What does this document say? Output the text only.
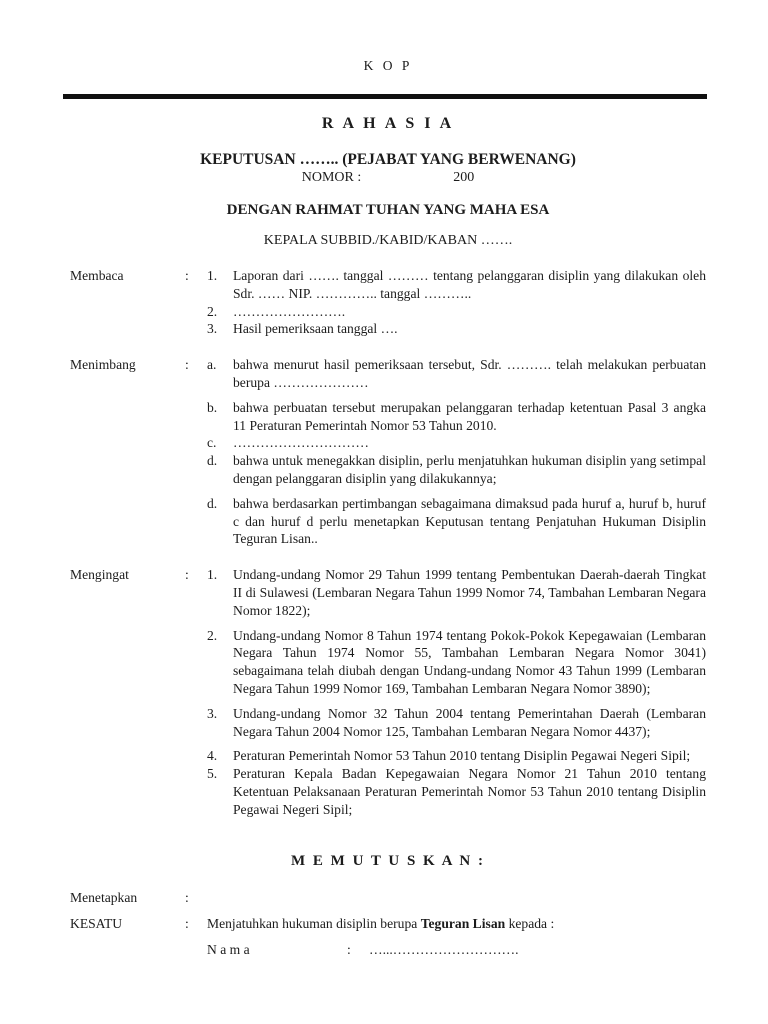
K O P
R A H A S I A
KEPUTUSAN …….. (PEJABAT YANG BERWENANG)
NOMOR :	200
DENGAN RAHMAT TUHAN YANG MAHA ESA
KEPALA SUBBID./KABID/KABAN …….
Membaca	:	1.	Laporan dari ……. tanggal ……… tentang pelanggaran disiplin yang dilakukan oleh Sdr. …… NIP. ………….. tanggal ………..
2.	…………………….
3.	Hasil pemeriksaan tanggal ….
Menimbang	:	a.	bahwa menurut hasil pemeriksaan tersebut, Sdr. ………. telah melakukan perbuatan berupa …………………
b.	bahwa perbuatan tersebut merupakan pelanggaran terhadap ketentuan Pasal 3 angka 11 Peraturan Pemerintah Nomor 53 Tahun 2010.
c.	…………………………
d.	bahwa untuk menegakkan disiplin, perlu menjatuhkan hukuman disiplin yang setimpal dengan pelanggaran disiplin yang dilakukannya;
d.	bahwa berdasarkan pertimbangan sebagaimana dimaksud pada huruf a, huruf b, huruf c dan huruf d perlu menetapkan Keputusan tentang Penjatuhan Hukuman Disiplin Teguran Lisan..
Mengingat	:	1.	Undang-undang Nomor 29 Tahun 1999 tentang Pembentukan Daerah-daerah Tingkat II di Sulawesi (Lembaran Negara Tahun 1999 Nomor 74, Tambahan Lembaran Negara Nomor 1822);
2.	Undang-undang Nomor 8 Tahun 1974 tentang Pokok-Pokok Kepegawaian (Lembaran Negara Tahun 1974 Nomor 55, Tambahan Lembaran Negara Nomor 3041) sebagaimana telah diubah dengan Undang-undang Nomor 43 Tahun 1999 (Lembaran Negara Tahun 1999 Nomor 169, Tambahan Lembaran Negara Nomor 3890);
3.	Undang-undang Nomor 32 Tahun 2004 tentang Pemerintahan Daerah (Lembaran Negara Tahun 2004 Nomor 125, Tambahan Lembaran Negara Nomor 4437);
4.	Peraturan Pemerintah Nomor 53 Tahun 2010 tentang Disiplin Pegawai Negeri Sipil;
5.	Peraturan Kepala Badan Kepegawaian Negara Nomor 21 Tahun 2010 tentang Ketentuan Pelaksanaan Peraturan Pemerintah Nomor 53 Tahun 2010 tentang Disiplin Pegawai Negeri Sipil;
M E M U T U S K A N :
Menetapkan	:
KESATU	:	Menjatuhkan hukuman disiplin berupa Teguran Lisan kepada :
N a m a	:	…...……………………….
